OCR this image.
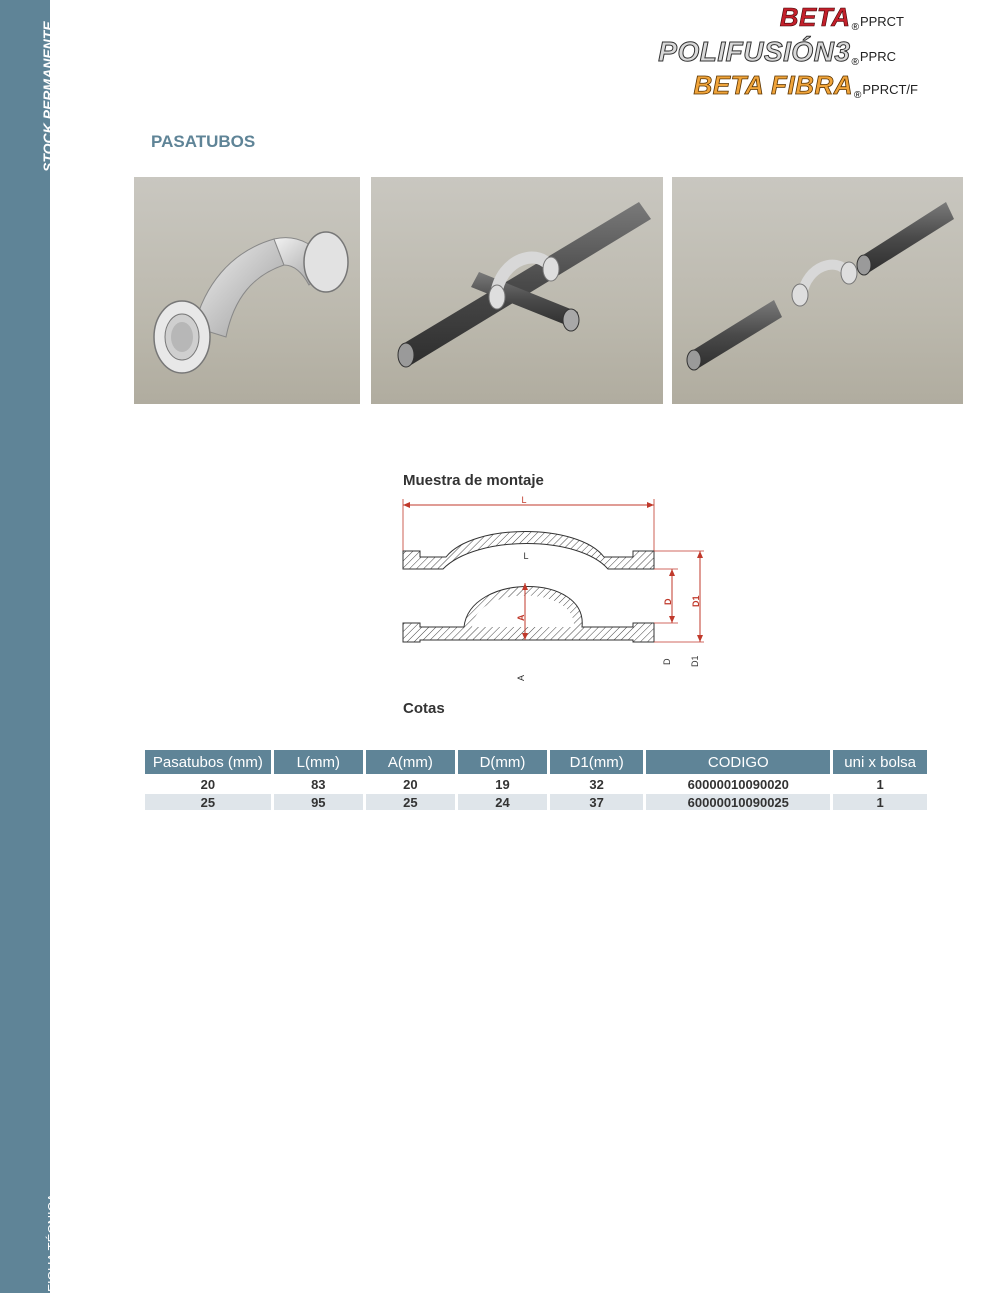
STOCK PERMANENTE
FICHA TÉCNICA
$BETA_®PPRCT$
$POLIFUSIÓN3_®PPRC$
BETA $FIBRA_®PPRCT/F$
PASATUBOS
Muestra de montaje
L
L
A
A
D
D
D1
D1
Cotas
Pasatubos (mm)	L(mm)	A(mm)	D(mm)	D1(mm)	CODIGO	uni x bolsa
20	83	20	19	32	60000010090020	1
25	95	25	24	37	60000010090025	1
